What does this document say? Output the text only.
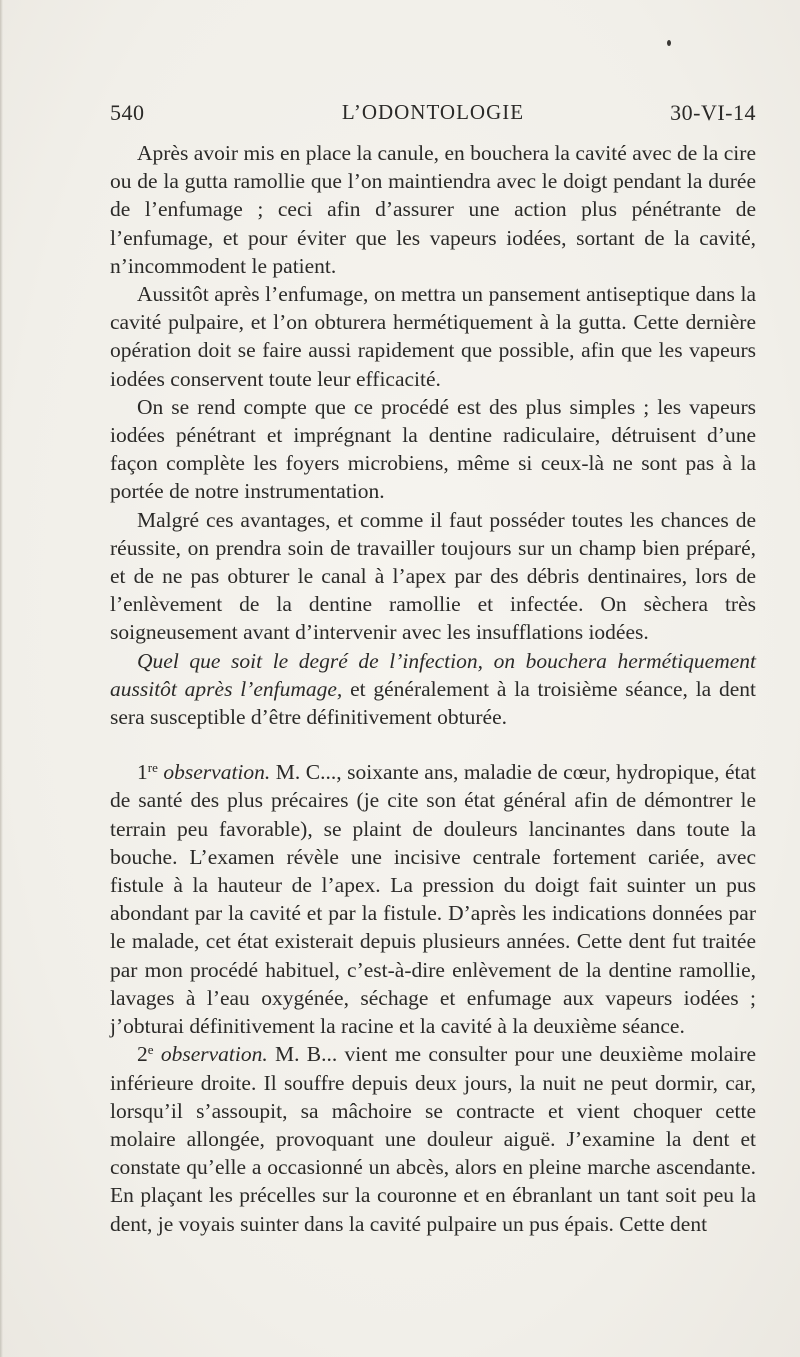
540	L’ODONTOLOGIE	30-VI-14

Après avoir mis en place la canule, en bouchera la cavité avec de la cire ou de la gutta ramollie que l’on maintiendra avec le doigt pendant la durée de l’enfumage ; ceci afin d’assurer une action plus pénétrante de l’enfumage, et pour éviter que les vapeurs iodées, sortant de la cavité, n’incommodent le patient.

Aussitôt après l’enfumage, on mettra un pansement antiseptique dans la cavité pulpaire, et l’on obturera hermétiquement à la gutta. Cette dernière opération doit se faire aussi rapidement que possible, afin que les vapeurs iodées conservent toute leur efficacité.

On se rend compte que ce procédé est des plus simples ; les vapeurs iodées pénétrant et imprégnant la dentine radiculaire, détruisent d’une façon complète les foyers microbiens, même si ceux-là ne sont pas à la portée de notre instrumentation.

Malgré ces avantages, et comme il faut posséder toutes les chances de réussite, on prendra soin de travailler toujours sur un champ bien préparé, et de ne pas obturer le canal à l’apex par des débris dentinaires, lors de l’enlèvement de la dentine ramollie et infectée. On sèchera très soigneusement avant d’intervenir avec les insufflations iodées.

Quel que soit le degré de l’infection, on bouchera hermétiquement aussitôt après l’enfumage, et généralement à la troisième séance, la dent sera susceptible d’être définitivement obturée.

1re observation. M. C..., soixante ans, maladie de cœur, hydropique, état de santé des plus précaires (je cite son état général afin de démontrer le terrain peu favorable), se plaint de douleurs lancinantes dans toute la bouche. L’examen révèle une incisive centrale fortement cariée, avec fistule à la hauteur de l’apex. La pression du doigt fait suinter un pus abondant par la cavité et par la fistule. D’après les indications données par le malade, cet état existerait depuis plusieurs années. Cette dent fut traitée par mon procédé habituel, c’est-à-dire enlèvement de la dentine ramollie, lavages à l’eau oxygénée, séchage et enfumage aux vapeurs iodées ; j’obturai définitivement la racine et la cavité à la deuxième séance.

2e observation. M. B... vient me consulter pour une deuxième molaire inférieure droite. Il souffre depuis deux jours, la nuit ne peut dormir, car, lorsqu’il s’assoupit, sa mâchoire se contracte et vient choquer cette molaire allongée, provoquant une douleur aiguë. J’examine la dent et constate qu’elle a occasionné un abcès, alors en pleine marche ascendante. En plaçant les précelles sur la couronne et en ébranlant un tant soit peu la dent, je voyais suinter dans la cavité pulpaire un pus épais. Cette dent
